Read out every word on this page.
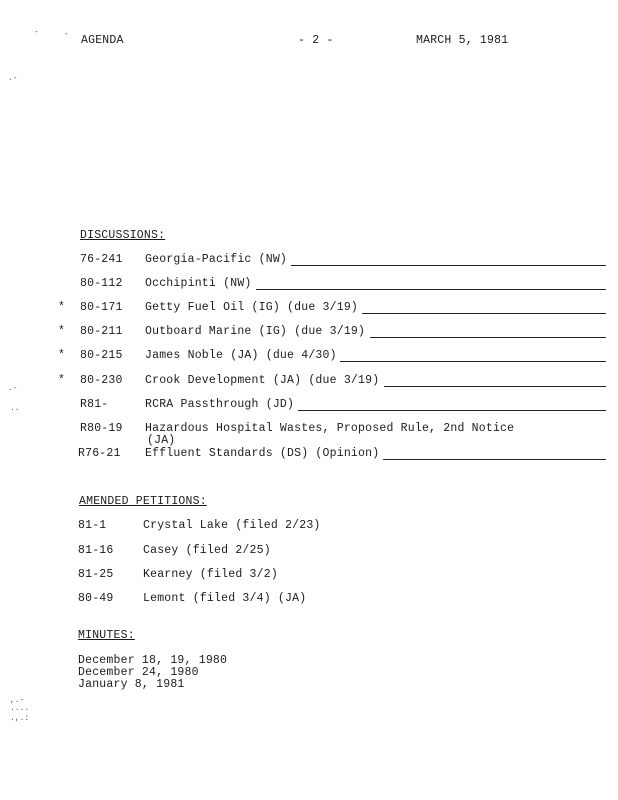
AGENDA	- 2 -	MARCH 5, 1981
-	-
.-
.-
..
,.-
....
.,.:
DISCUSSIONS:
76-241 Georgia-Pacific (NW)
80-112 Occhipinti (NW)
* 80-171 Getty Fuel Oil (IG) (due 3/19)
* 80-211 Outboard Marine (IG) (due 3/19)
* 80-215 James Noble (JA) (due 4/30)
* 80-230 Crook Development (JA) (due 3/19)
R81-	RCRA Passthrough (JD)
R80-19 Hazardous Hospital Wastes, Proposed Rule, 2nd Notice
(JA)
R76-21 Effluent Standards (DS) (Opinion)
AMENDED PETITIONS:
81-1	Crystal Lake (filed 2/23)
81-16	Casey (filed 2/25)
81-25	Kearney (filed 3/2)
80-49	Lemont (filed 3/4) (JA)
MINUTES:
December 18, 19, 1980
December 24, 1980
January 8, 1981
